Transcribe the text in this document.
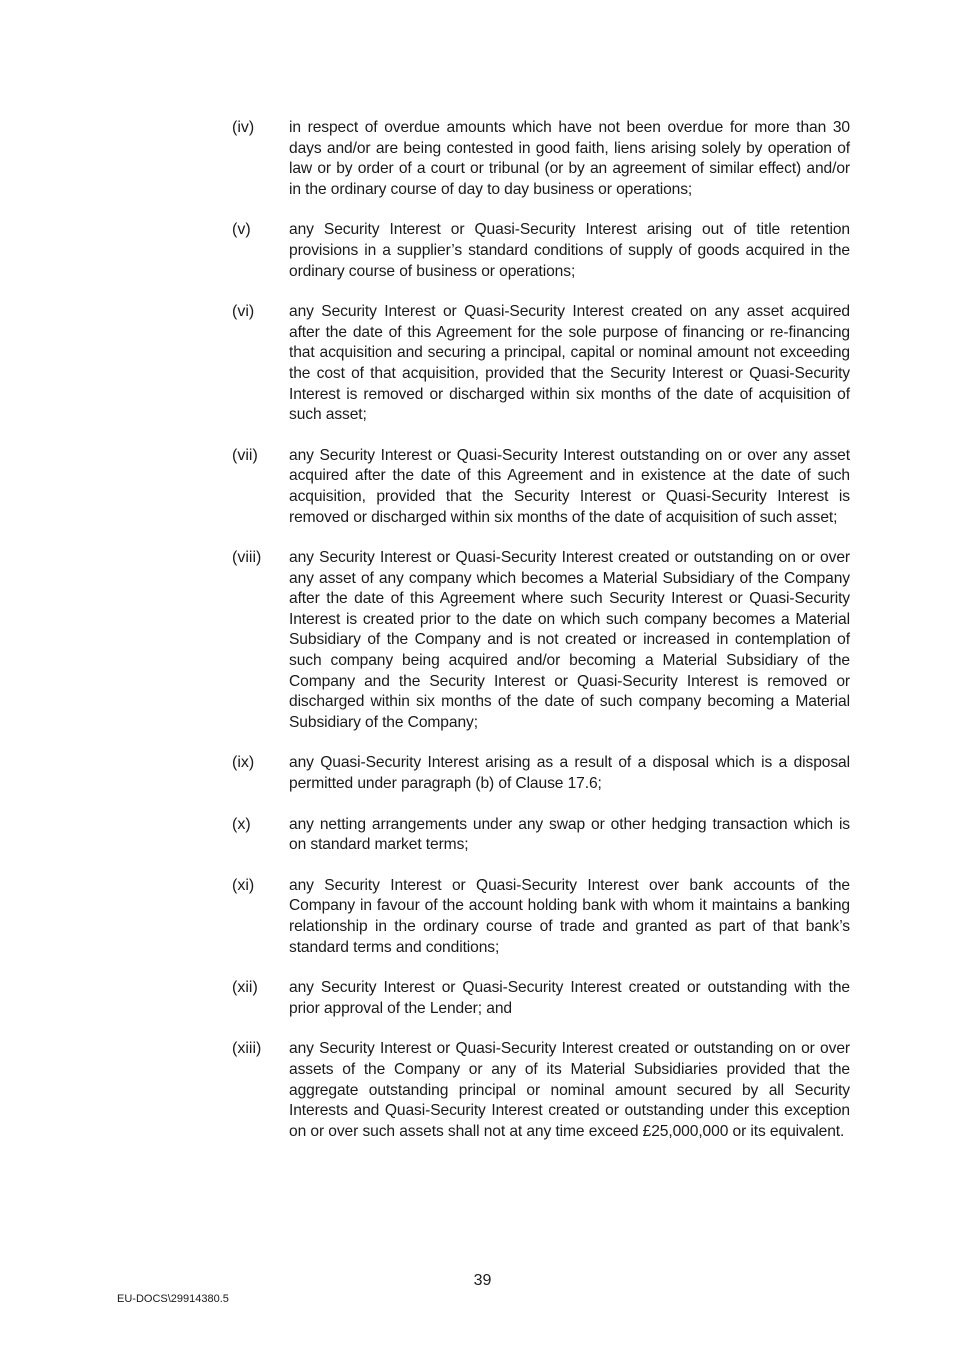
(iv)	in respect of overdue amounts which have not been overdue for more than 30 days and/or are being contested in good faith, liens arising solely by operation of law or by order of a court or tribunal (or by an agreement of similar effect) and/or in the ordinary course of day to day business or operations;
(v)	any Security Interest or Quasi-Security Interest arising out of title retention provisions in a supplier’s standard conditions of supply of goods acquired in the ordinary course of business or operations;
(vi)	any Security Interest or Quasi-Security Interest created on any asset acquired after the date of this Agreement for the sole purpose of financing or re-financing that acquisition and securing a principal, capital or nominal amount not exceeding the cost of that acquisition, provided that the Security Interest or Quasi-Security Interest is removed or discharged within six months of the date of acquisition of such asset;
(vii)	any Security Interest or Quasi-Security Interest outstanding on or over any asset acquired after the date of this Agreement and in existence at the date of such acquisition, provided that the Security Interest or Quasi-Security Interest is removed or discharged within six months of the date of acquisition of such asset;
(viii)	any Security Interest or Quasi-Security Interest created or outstanding on or over any asset of any company which becomes a Material Subsidiary of the Company after the date of this Agreement where such Security Interest or Quasi-Security Interest is created prior to the date on which such company becomes a Material Subsidiary of the Company and is not created or increased in contemplation of such company being acquired and/or becoming a Material Subsidiary of the Company and the Security Interest or Quasi-Security Interest is removed or discharged within six months of the date of such company becoming a Material Subsidiary of the Company;
(ix)	any Quasi-Security Interest arising as a result of a disposal which is a disposal permitted under paragraph (b) of Clause 17.6;
(x)	any netting arrangements under any swap or other hedging transaction which is on standard market terms;
(xi)	any Security Interest or Quasi-Security Interest over bank accounts of the Company in favour of the account holding bank with whom it maintains a banking relationship in the ordinary course of trade and granted as part of that bank’s standard terms and conditions;
(xii)	any Security Interest or Quasi-Security Interest created or outstanding with the prior approval of the Lender; and
(xiii)	any Security Interest or Quasi-Security Interest created or outstanding on or over assets of the Company or any of its Material Subsidiaries provided that the aggregate outstanding principal or nominal amount secured by all Security Interests and Quasi-Security Interest created or outstanding under this exception on or over such assets shall not at any time exceed £25,000,000 or its equivalent.
39
EU-DOCS\29914380.5
